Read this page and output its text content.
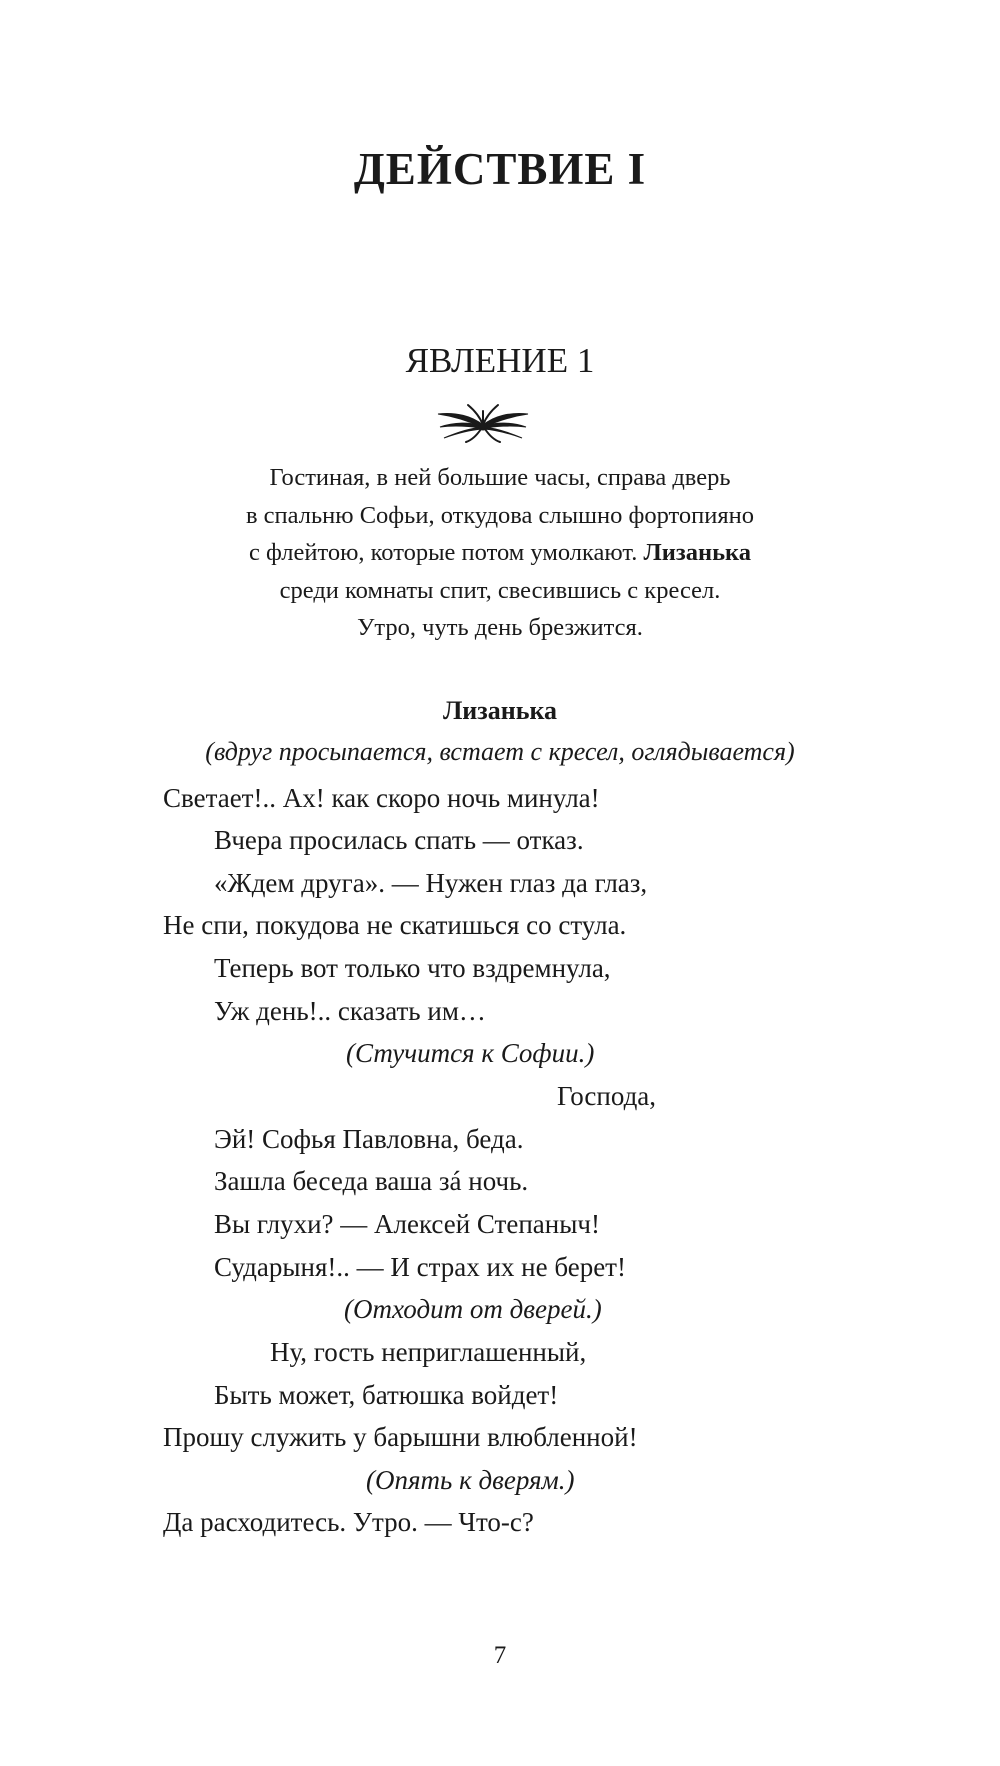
ДЕЙСТВИЕ I
ЯВЛЕНИЕ 1
Гостиная, в ней большие часы, справа дверь
в спальню Софьи, откудова слышно фортопияно
с флейтою, которые потом умолкают. Лизанька
среди комнаты спит, свесившись с кресел.
Утро, чуть день брезжится.
Лизанька
(вдруг просыпается, встает с кресел, оглядывается)
Светает!.. Ах! как скоро ночь минула!
Вчера просилась спать — отказ.
«Ждем друга». — Нужен глаз да глаз,
Не спи, покудова не скатишься со стула.
Теперь вот только что вздремнула,
Уж день!.. сказать им…
(Стучится к Софии.)
Господа,
Эй! Софья Павловна, беда.
Зашла беседа ваша зá ночь.
Вы глухи? — Алексей Степаныч!
Сударыня!.. — И страх их не берет!
(Отходит от дверей.)
Ну, гость неприглашенный,
Быть может, батюшка войдет!
Прошу служить у барышни влюбленной!
(Опять к дверям.)
Да расходитесь. Утро. — Что-с?
7
